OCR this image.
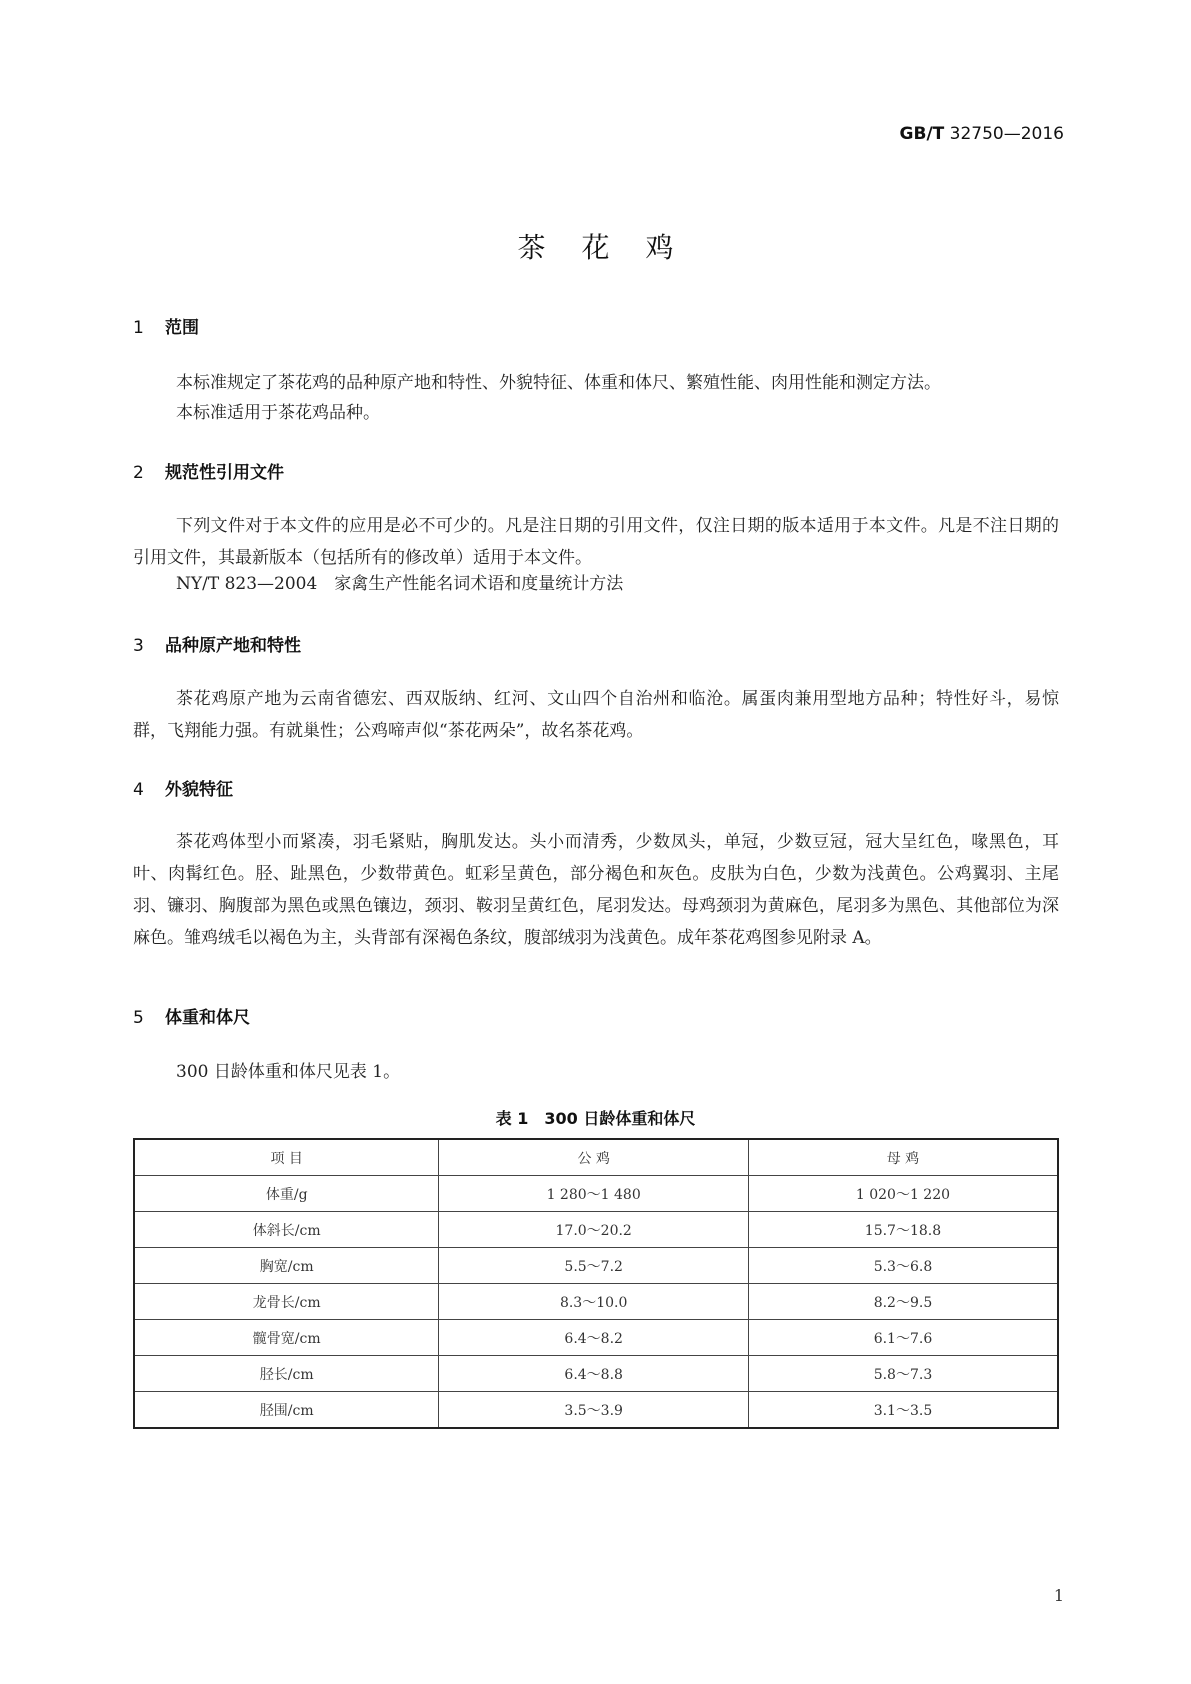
GB/T 32750—2016
茶花鸡
1 范围
本标准规定了茶花鸡的品种原产地和特性、外貌特征、体重和体尺、繁殖性能、肉用性能和测定方法。
本标准适用于茶花鸡品种。
2 规范性引用文件
下列文件对于本文件的应用是必不可少的。凡是注日期的引用文件，仅注日期的版本适用于本文件。凡是不注日期的引用文件，其最新版本（包括所有的修改单）适用于本文件。
NY/T 823—2004　家禽生产性能名词术语和度量统计方法
3 品种原产地和特性
茶花鸡原产地为云南省德宏、西双版纳、红河、文山四个自治州和临沧。属蛋肉兼用型地方品种；特性好斗，易惊群，飞翔能力强。有就巢性；公鸡啼声似“茶花两朵”，故名茶花鸡。
4 外貌特征
茶花鸡体型小而紧凑，羽毛紧贴，胸肌发达。头小而清秀，少数凤头，单冠，少数豆冠，冠大呈红色，喙黑色，耳叶、肉髯红色。胫、趾黑色，少数带黄色。虹彩呈黄色，部分褐色和灰色。皮肤为白色，少数为浅黄色。公鸡翼羽、主尾羽、镰羽、胸腹部为黑色或黑色镶边，颈羽、鞍羽呈黄红色，尾羽发达。母鸡颈羽为黄麻色，尾羽多为黑色、其他部位为深麻色。雏鸡绒毛以褐色为主，头背部有深褐色条纹，腹部绒羽为浅黄色。成年茶花鸡图参见附录 A。
5 体重和体尺
300 日龄体重和体尺见表 1。
表 1　300 日龄体重和体尺
项 目	公 鸡	母 鸡
体重/g	1 280～1 480	1 020～1 220
体斜长/cm	17.0～20.2	15.7～18.8
胸宽/cm	5.5～7.2	5.3～6.8
龙骨长/cm	8.3～10.0	8.2～9.5
髋骨宽/cm	6.4～8.2	6.1～7.6
胫长/cm	6.4～8.8	5.8～7.3
胫围/cm	3.5～3.9	3.1～3.5
1
